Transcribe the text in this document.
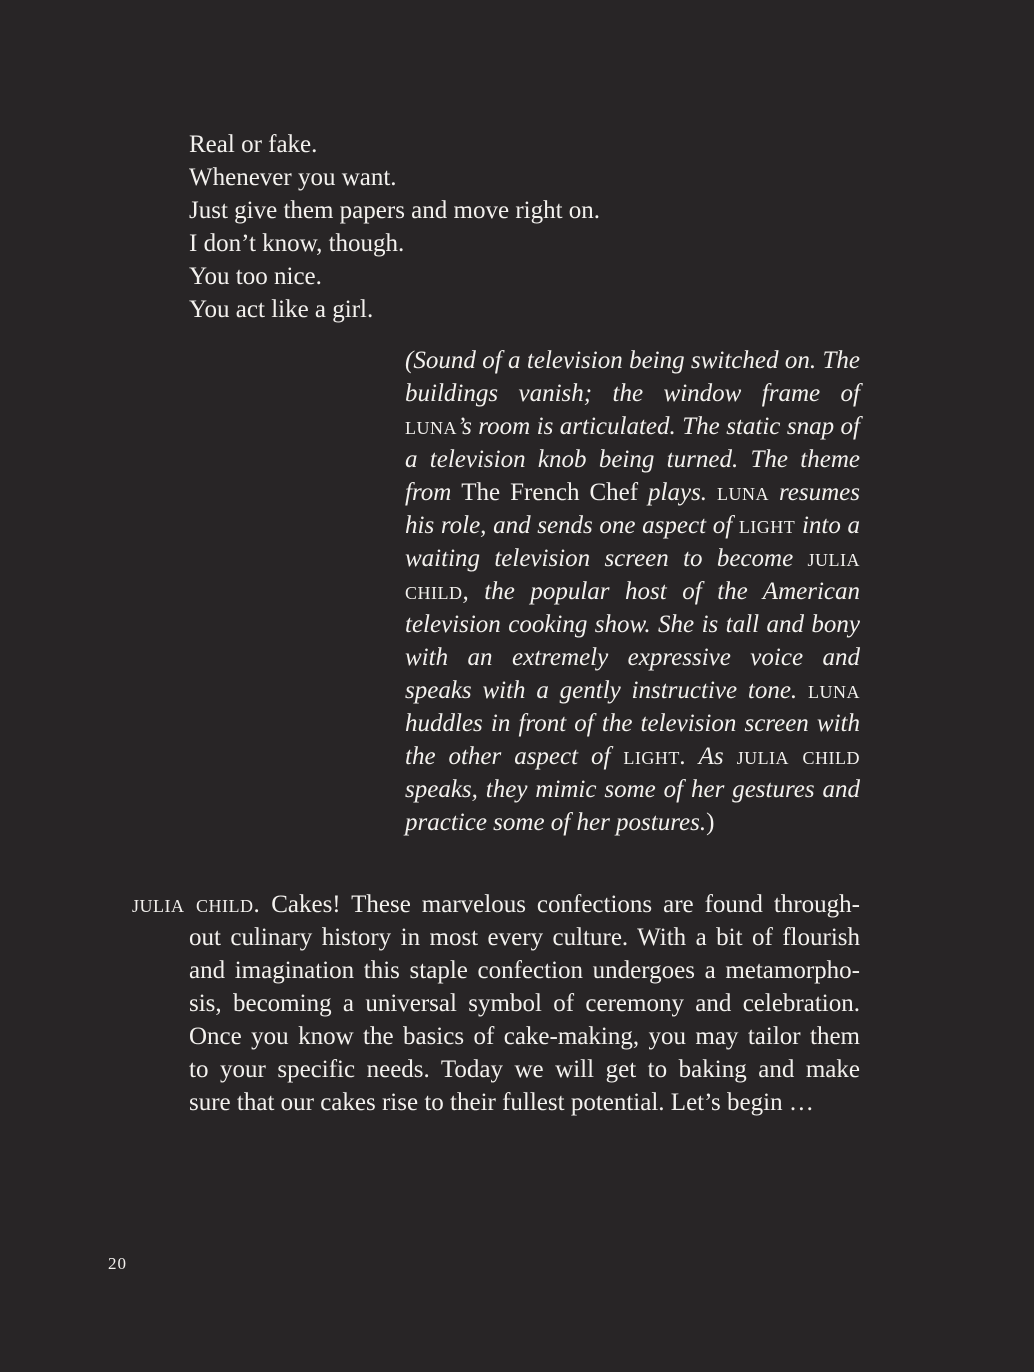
Real or fake.
Whenever you want.
Just give them papers and move right on.
I don’t know, though.
You too nice.
You act like a girl.
(Sound of a television being switched on. The buildings vanish; the window frame of luna’s room is articulated. The static snap of a television knob being turned. The theme from The French Chef plays. luna resumes his role, and sends one aspect of light into a waiting television screen to become julia child, the popular host of the American television cooking show. She is tall and bony with an extremely expressive voice and speaks with a gently instructive tone. luna huddles in front of the television screen with the other aspect of light. As julia child speaks, they mimic some of her gestures and practice some of her postures.)
julia child. Cakes! These marvelous confections are found through-
out culinary history in most every culture. With a bit of flourish
and imagination this staple confection undergoes a metamorpho-
sis, becoming a universal symbol of ceremony and celebration.
Once you know the basics of cake-making, you may tailor them
to your specific needs. Today we will get to baking and make
sure that our cakes rise to their fullest potential. Let’s begin …
20
